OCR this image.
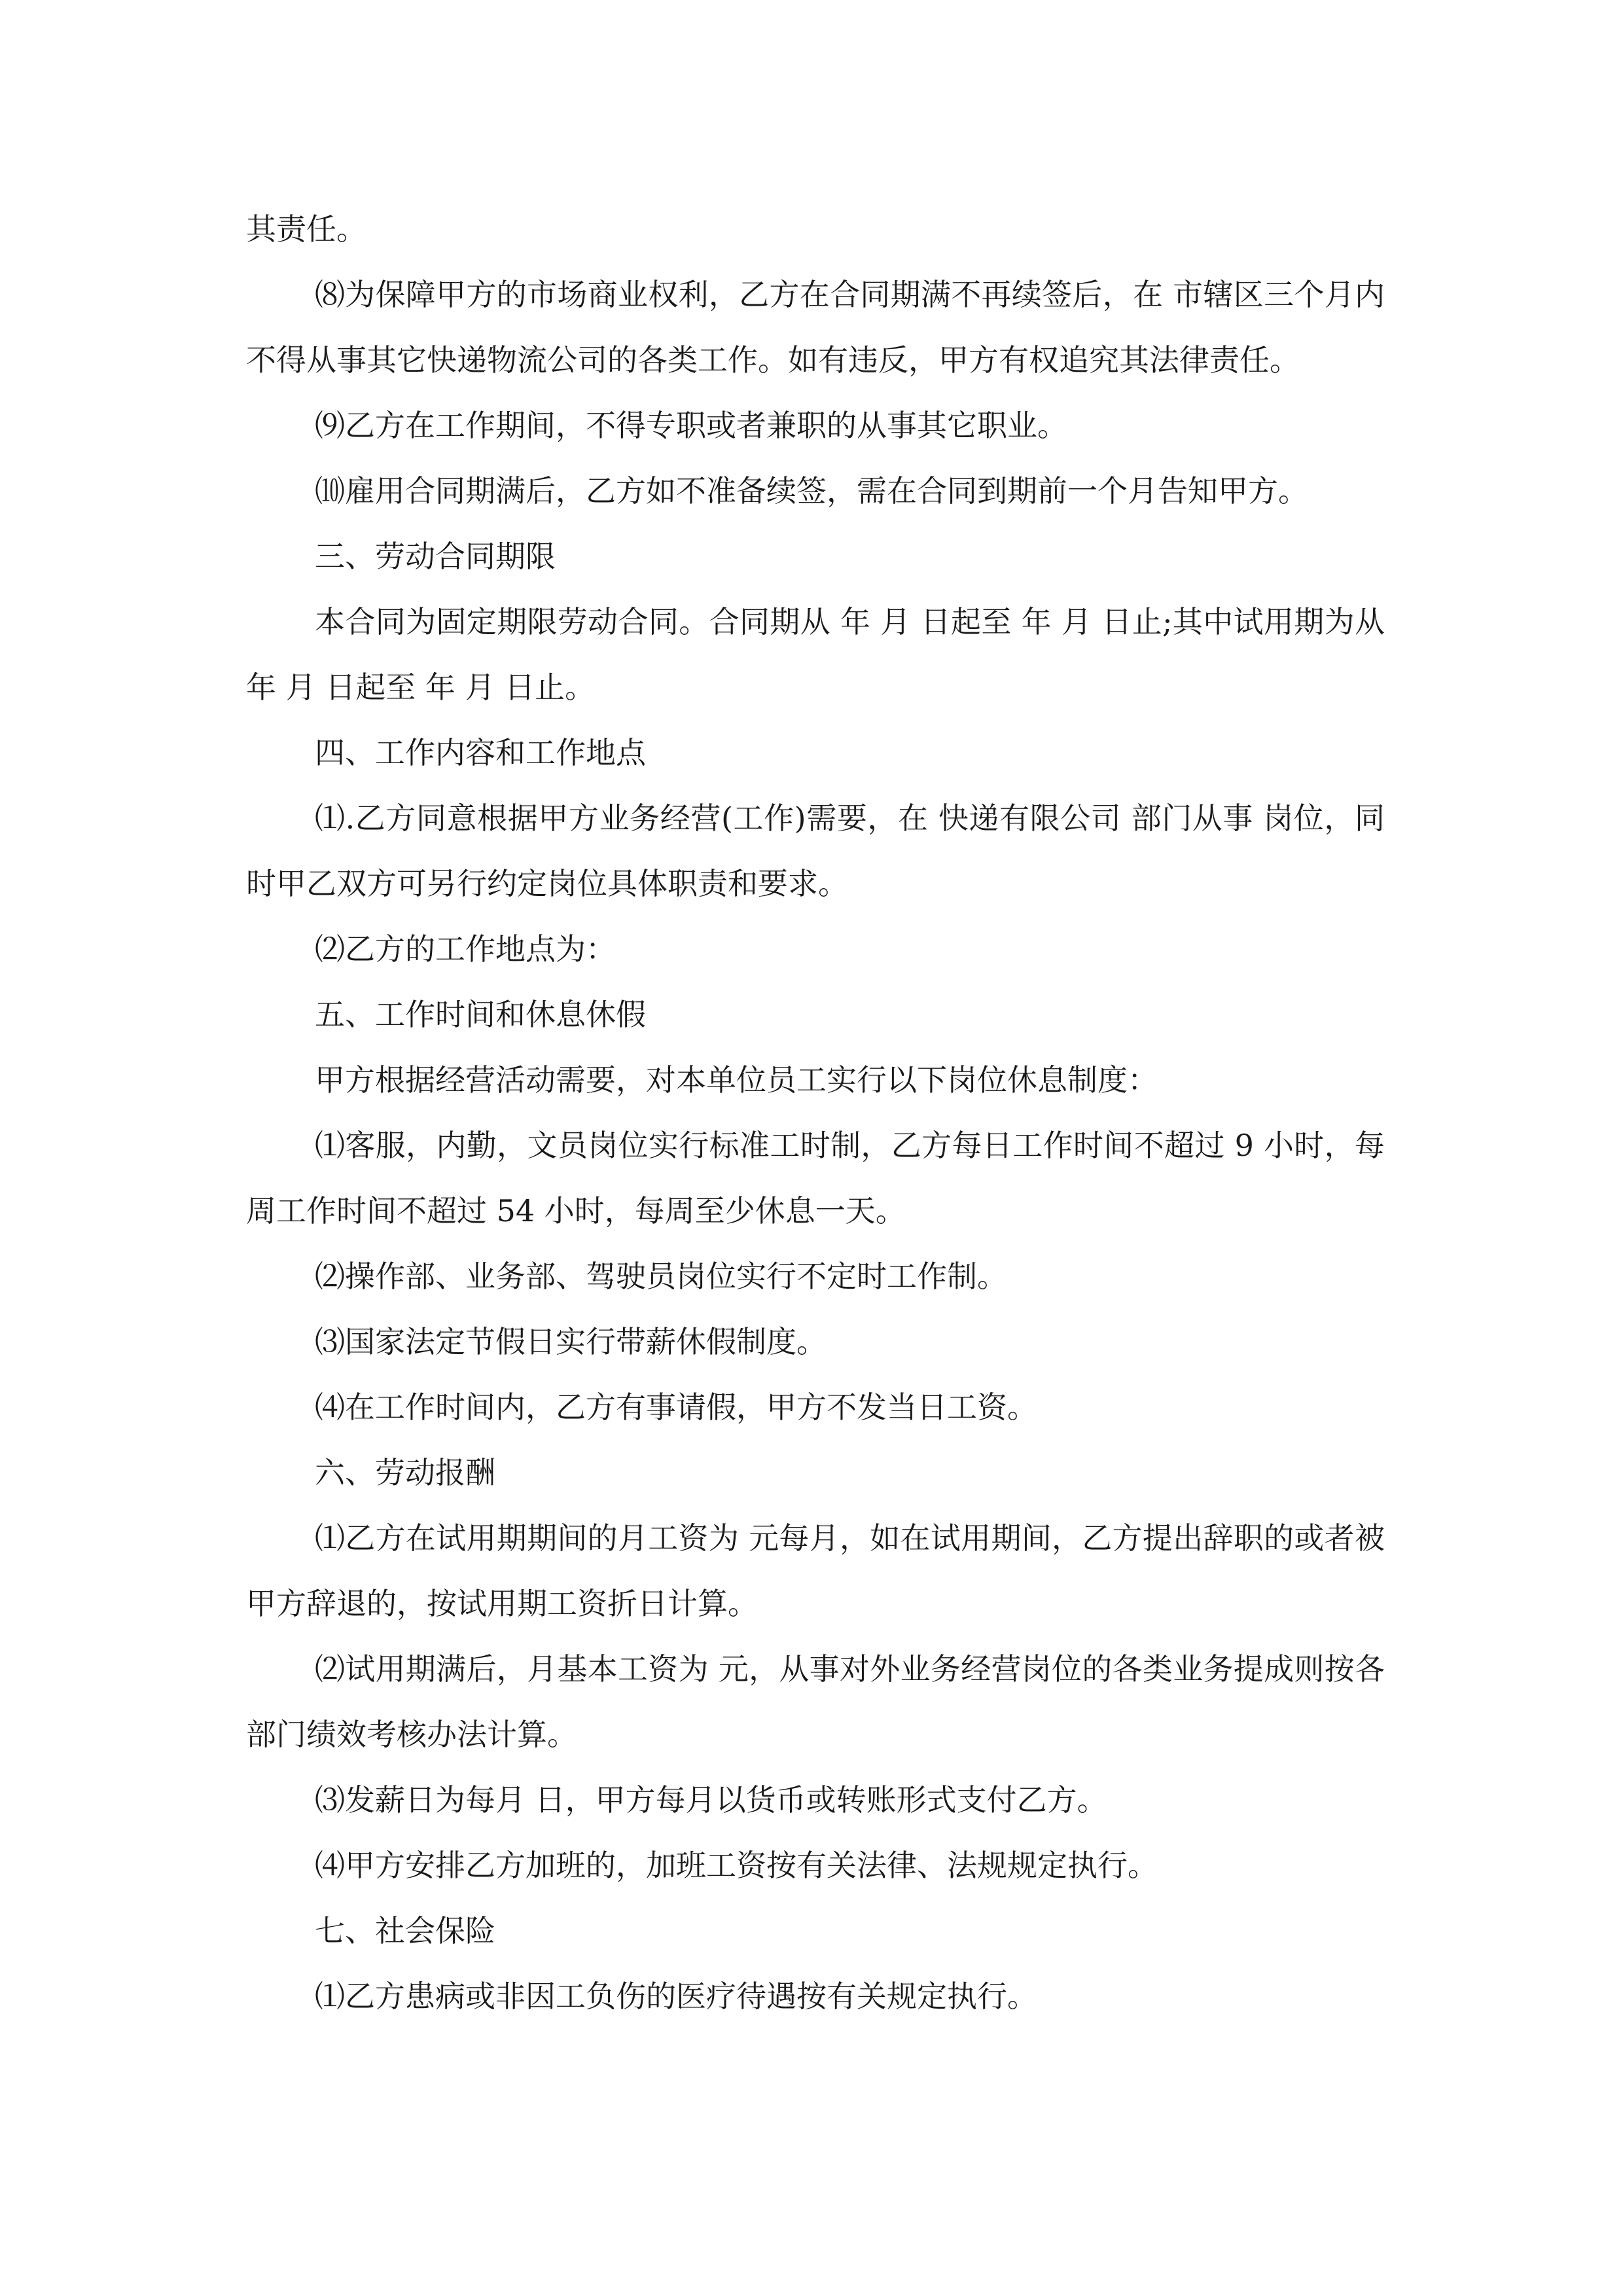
其责任。

⑻为保障甲方的市场商业权利，乙方在合同期满不再续签后，在 市辖区三个月内不得从事其它快递物流公司的各类工作。如有违反，甲方有权追究其法律责任。

⑼乙方在工作期间，不得专职或者兼职的从事其它职业。

⑽雇用合同期满后，乙方如不准备续签，需在合同到期前一个月告知甲方。

三、劳动合同期限

本合同为固定期限劳动合同。合同期从 年 月 日起至 年 月 日止;其中试用期为从 年 月 日起至 年 月 日止。

四、工作内容和工作地点

⑴.乙方同意根据甲方业务经营(工作)需要，在 快递有限公司 部门从事 岗位，同时甲乙双方可另行约定岗位具体职责和要求。

⑵乙方的工作地点为：

五、工作时间和休息休假

甲方根据经营活动需要，对本单位员工实行以下岗位休息制度：

⑴客服，内勤，文员岗位实行标准工时制，乙方每日工作时间不超过 9 小时，每周工作时间不超过 54 小时，每周至少休息一天。

⑵操作部、业务部、驾驶员岗位实行不定时工作制。

⑶国家法定节假日实行带薪休假制度。

⑷在工作时间内，乙方有事请假，甲方不发当日工资。

六、劳动报酬

⑴乙方在试用期期间的月工资为 元每月，如在试用期间，乙方提出辞职的或者被甲方辞退的，按试用期工资折日计算。

⑵试用期满后，月基本工资为 元，从事对外业务经营岗位的各类业务提成则按各部门绩效考核办法计算。

⑶发薪日为每月 日，甲方每月以货币或转账形式支付乙方。

⑷甲方安排乙方加班的，加班工资按有关法律、法规规定执行。

七、社会保险

⑴乙方患病或非因工负伤的医疗待遇按有关规定执行。
